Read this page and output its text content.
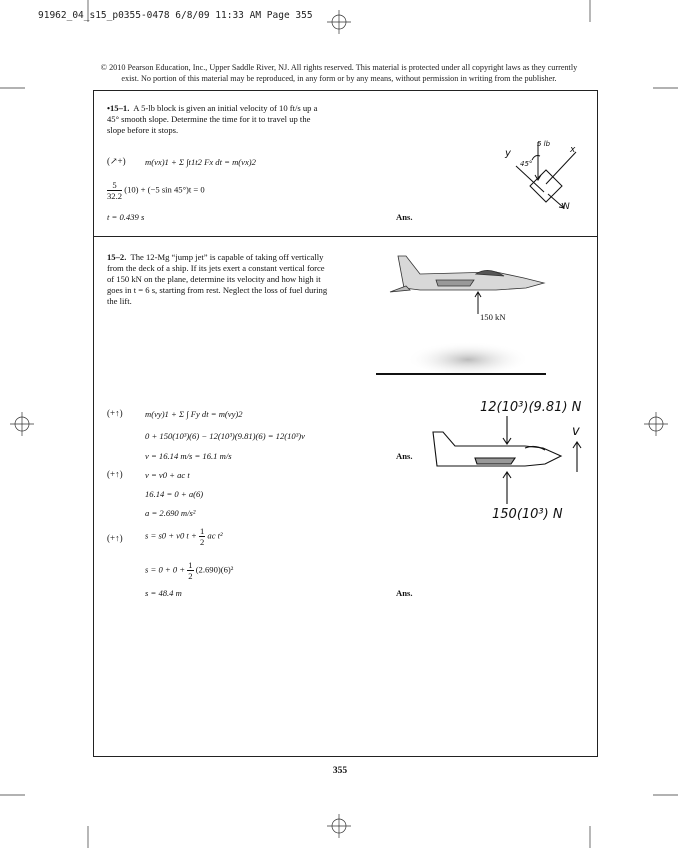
91962_04_s15_p0355-0478 6/8/09 11:33 AM Page 355
© 2010 Pearson Education, Inc., Upper Saddle River, NJ. All rights reserved. This material is protected under all copyright laws as they currently
exist. No portion of this material may be reproduced, in any form or by any means, without permission in writing from the publisher.
•15–1. A 5-lb block is given an initial velocity of 10 ft/s up a 45° smooth slope. Determine the time for it to travel up the slope before it stops.
(↗+) m(vx)1 + Σ ∫t1t2 Fx dt = m(vx)2
$\frac{5}{32.2} (10) + (-5$ sin 45°)t = 0
t = 0.439 s	Ans.
y
5 lb
45°
x
N
15–2. The 12-Mg “jump jet” is capable of taking off vertically from the deck of a ship. If its jets exert a constant vertical force of 150 kN on the plane, determine its velocity and how high it goes in t = 6 s, starting from rest. Neglect the loss of fuel during the lift.
150 kN
(+↑)	m(vy)1 + Σ ∫ Fy dt = m(vy)2
0 + 150(10³)(6) − 12(10³)(9.81)(6) = 12(10³)v
v = 16.14 m/s = 16.1 m/s	Ans.
(+↑)	v = v0 + ac t
16.14 = 0 + a(6)
a = 2.690 m/s²
(+↑)	s = s0 + v0 $t + \frac{1}{2}$ ac t²
$s = 0 + 0 + \frac{1}{2} (2.690)(6)^2$
s = 48.4 m	Ans.
12(10³)(9.81) N
150(10³) N
v
355
